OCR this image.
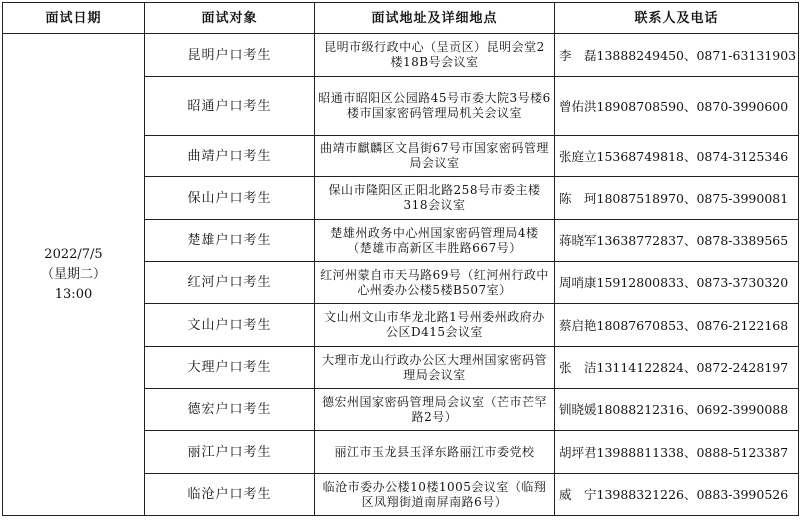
面试日期	面试对象	面试地址及详细地点	联系人及电话

2022/7/5
（星期二）
13:00	昆明户口考生	昆明市级行政中心（呈贡区）昆明会堂2楼18B号会议室	李　磊13888249450、0871-63131903
	昭通户口考生	昭通市昭阳区公园路45号市委大院3号楼6楼市国家密码管理局机关会议室	曾佑洪18908708590、0870-3990600
	曲靖户口考生	曲靖市麒麟区文昌街67号市国家密码管理局会议室	张庭立15368749818、0874-3125346
	保山户口考生	保山市隆阳区正阳北路258号市委主楼318会议室	陈　珂18087518970、0875-3990081
	楚雄户口考生	楚雄州政务中心州国家密码管理局4楼（楚雄市高新区丰胜路667号）	蒋晓军13638772837、0878-3389565
	红河户口考生	红河州蒙自市天马路69号（红河州行政中心州委办公楼5楼B507室）	周哨康15912800833、0873-3730320
	文山户口考生	文山州文山市华龙北路1号州委州政府办公区D415会议室	蔡启艳18087670853、0876-2122168
	大理户口考生	大理市龙山行政办公区大理州国家密码管理局会议室	张　洁13114122824、0872-2428197
	德宏户口考生	德宏州国家密码管理局会议室（芒市芒罕路2号）	钏晓媛18088212316、0692-3990088
	丽江户口考生	丽江市玉龙县玉泽东路丽江市委党校	胡坪君13988811338、0888-5123387
	临沧户口考生	临沧市委办公楼10楼1005会议室（临翔区凤翔街道南屏南路6号）	威　宁13988321226、0883-3990526
